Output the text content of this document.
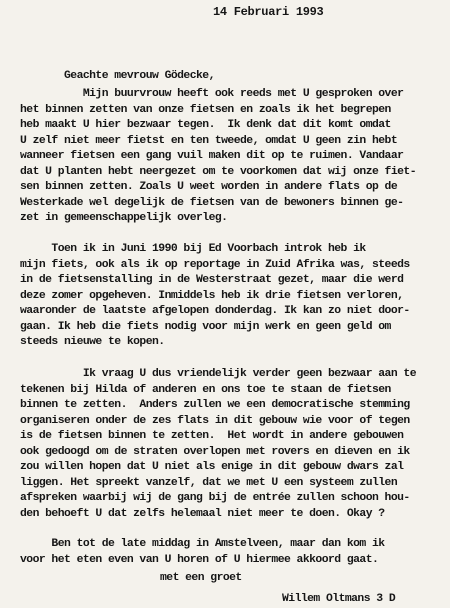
14 Februari 1993
Geachte mevrouw Gödecke,
Mijn buurvrouw heeft ook reeds met U gesproken over
het binnen zetten van onze fietsen en zoals ik het begrepen
heb maakt U hier bezwaar tegen.  Ik denk dat dit komt omdat
U zelf niet meer fietst en ten tweede, omdat U geen zin hebt
wanneer fietsen een gang vuil maken dit op te ruimen. Vandaar
dat U planten hebt neergezet om te voorkomen dat wij onze fiet-
sen binnen zetten. Zoals U weet worden in andere flats op de
Westerkade wel degelijk de fietsen van de bewoners binnen ge-
zet in gemeenschappelijk overleg.
Toen ik in Juni 1990 bij Ed Voorbach introk heb ik
mijn fiets, ook als ik op reportage in Zuid Afrika was, steeds
in de fietsenstalling in de Westerstraat gezet, maar die werd
deze zomer opgeheven. Inmiddels heb ik drie fietsen verloren,
waaronder de laatste afgelopen donderdag. Ik kan zo niet door-
gaan. Ik heb die fiets nodig voor mijn werk en geen geld om
steeds nieuwe te kopen.
Ik vraag U dus vriendelijk verder geen bezwaar aan te
tekenen bij Hilda of anderen en ons toe te staan de fietsen
binnen te zetten.  Anders zullen we een democratische stemming
organiseren onder de zes flats in dit gebouw wie voor of tegen
is de fietsen binnen te zetten.  Het wordt in andere gebouwen
ook gedoogd om de straten overlopen met rovers en dieven en ik
zou willen hopen dat U niet als enige in dit gebouw dwars zal
liggen. Het spreekt vanzelf, dat we met U een systeem zullen
afspreken waarbij wij de gang bij de entrée zullen schoon hou-
den behoeft U dat zelfs helemaal niet meer te doen. Okay ?
Ben tot de late middag in Amstelveen, maar dan kom ik
voor het eten even van U horen of U hiermee akkoord gaat.
met een groet
Willem Oltmans 3 D
